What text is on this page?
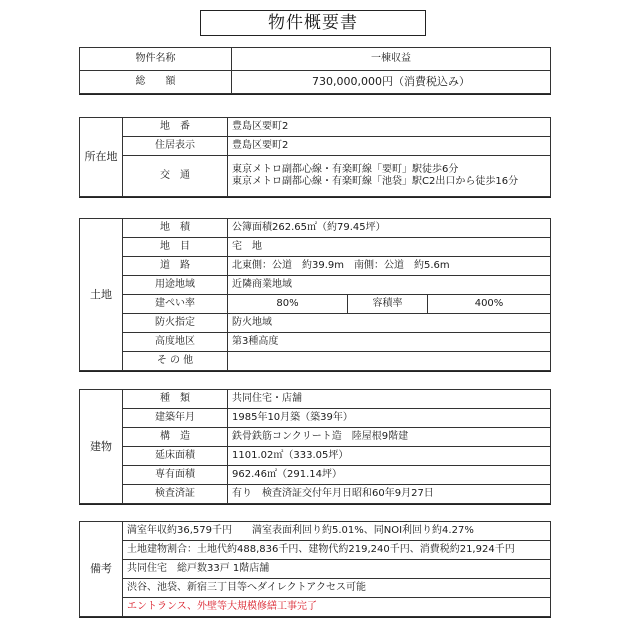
物件概要書
物件名称	一棟収益
総　　額	730,000,000円（消費税込み）

所在地	地　番	豊島区要町2
	住居表示	豊島区要町2
	交　通	東京メトロ副都心線・有楽町線「要町」駅徒歩6分
東京メトロ副都心線・有楽町線「池袋」駅C2出口から徒歩16分

土地	地　積	公簿面積262.65㎡（約79.45坪）		
	地　目	宅　地		
	道　路	北東側：公道　約39.9m　南側：公道　約5.6m		
	用途地域	近隣商業地域		
	建ぺい率	80%	容積率	400%
	防火指定	防火地域		
	高度地区	第3種高度		
	そ の 他			

建物	種　類	共同住宅・店舗
	建築年月	1985年10月築（築39年）
	構　造	鉄骨鉄筋コンクリート造　陸屋根9階建
	延床面積	1101.02㎡（333.05坪）
	専有面積	962.46㎡（291.14坪）
	検査済証	有り　検査済証交付年月日昭和60年9月27日

備考	満室年収約36,579千円　　満室表面利回り約5.01%、同NOI利回り約4.27%
土地建物割合：土地代約488,836千円、建物代約219,240千円、消費税約21,924千円
共同住宅　総戸数33戸 1階店舗
渋谷、池袋、新宿三丁目等へダイレクトアクセス可能
エントランス、外壁等大規模修繕工事完了
